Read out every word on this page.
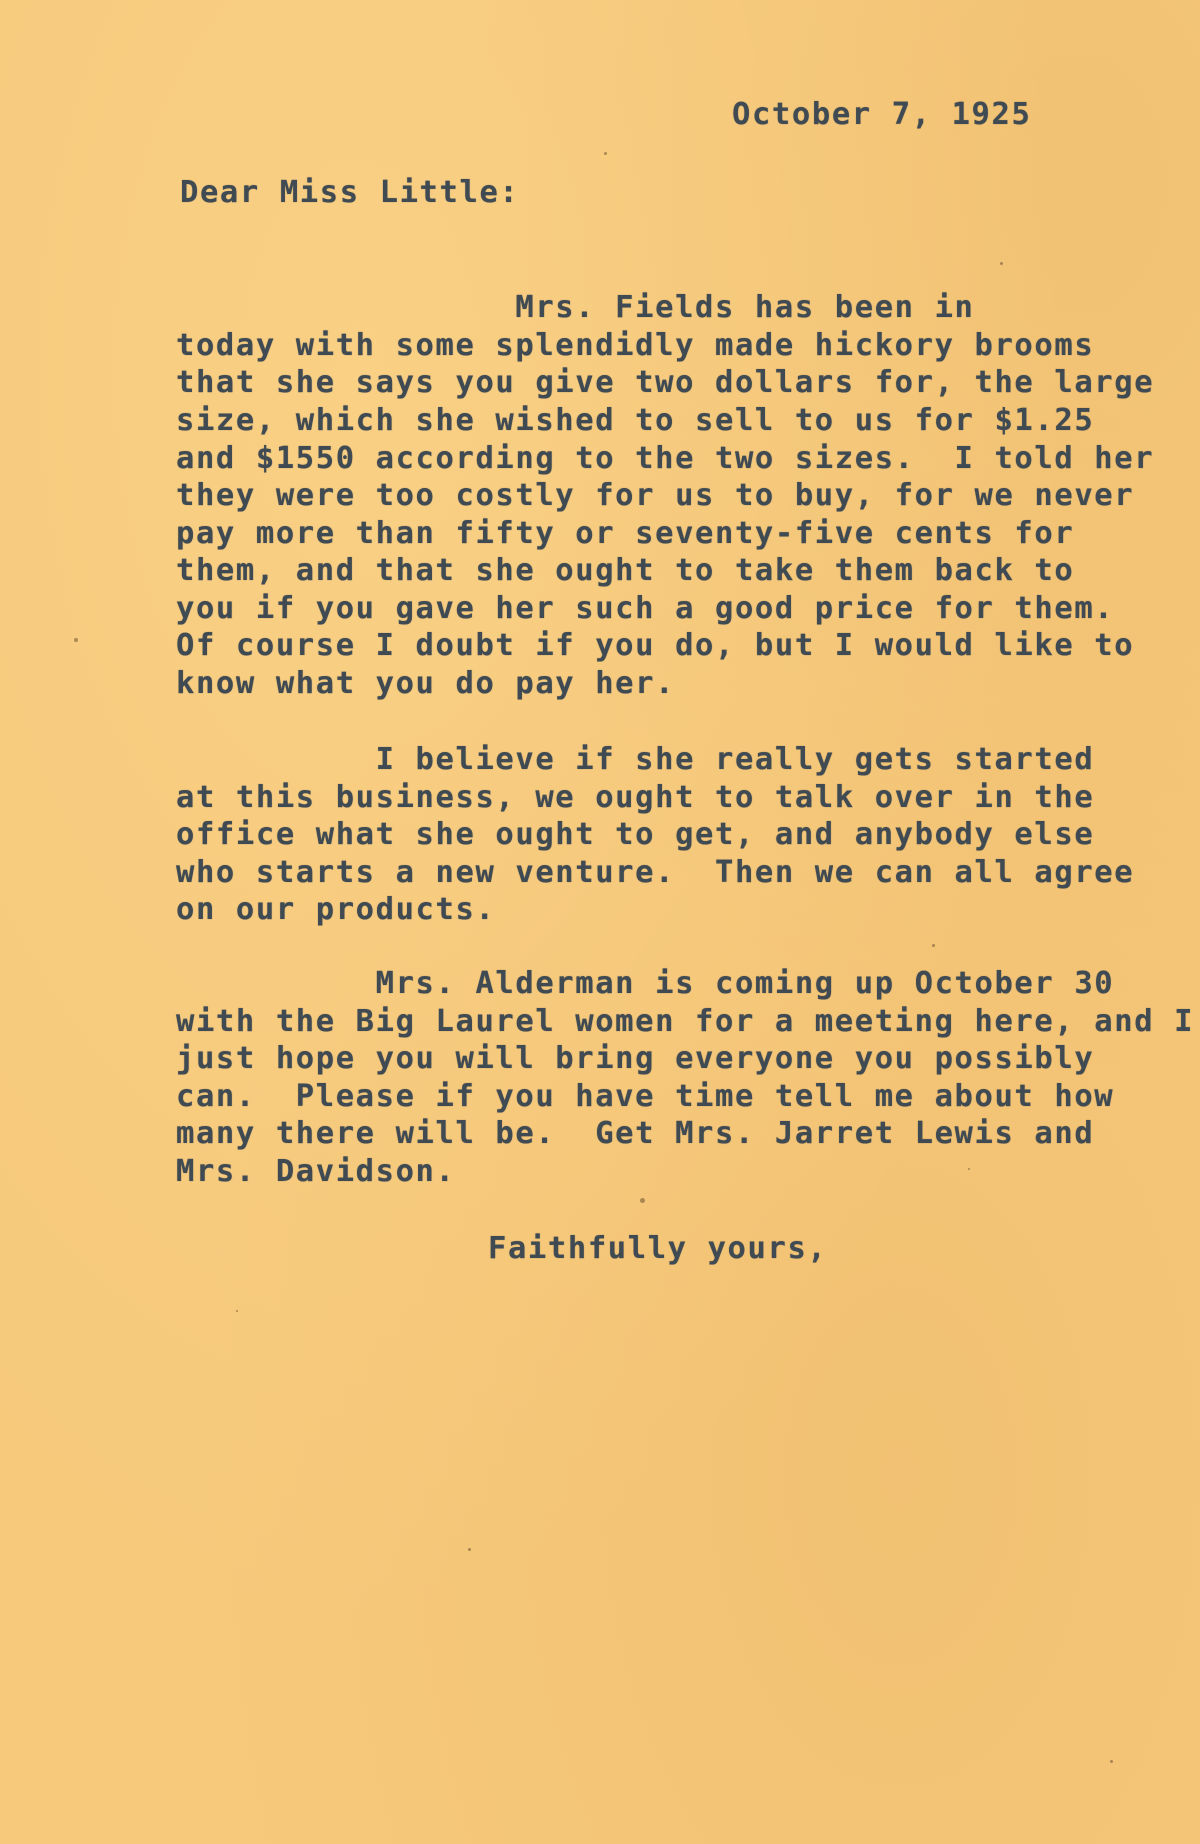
October 7, 1925
Dear Miss Little:
Mrs. Fields has been in
today with some splendidly made hickory brooms
that she says you give two dollars for, the large
size, which she wished to sell to us for $1.25
and $1550 according to the two sizes.  I told her
they were too costly for us to buy, for we never
pay more than fifty or seventy-five cents for
them, and that she ought to take them back to
you if you gave her such a good price for them.
Of course I doubt if you do, but I would like to
know what you do pay her.
I believe if she really gets started
at this business, we ought to talk over in the
office what she ought to get, and anybody else
who starts a new venture.  Then we can all agree
on our products.
Mrs. Alderman is coming up October 30
with the Big Laurel women for a meeting here, and I
just hope you will bring everyone you possibly
can.  Please if you have time tell me about how
many there will be.  Get Mrs. Jarret Lewis and
Mrs. Davidson.
Faithfully yours,
